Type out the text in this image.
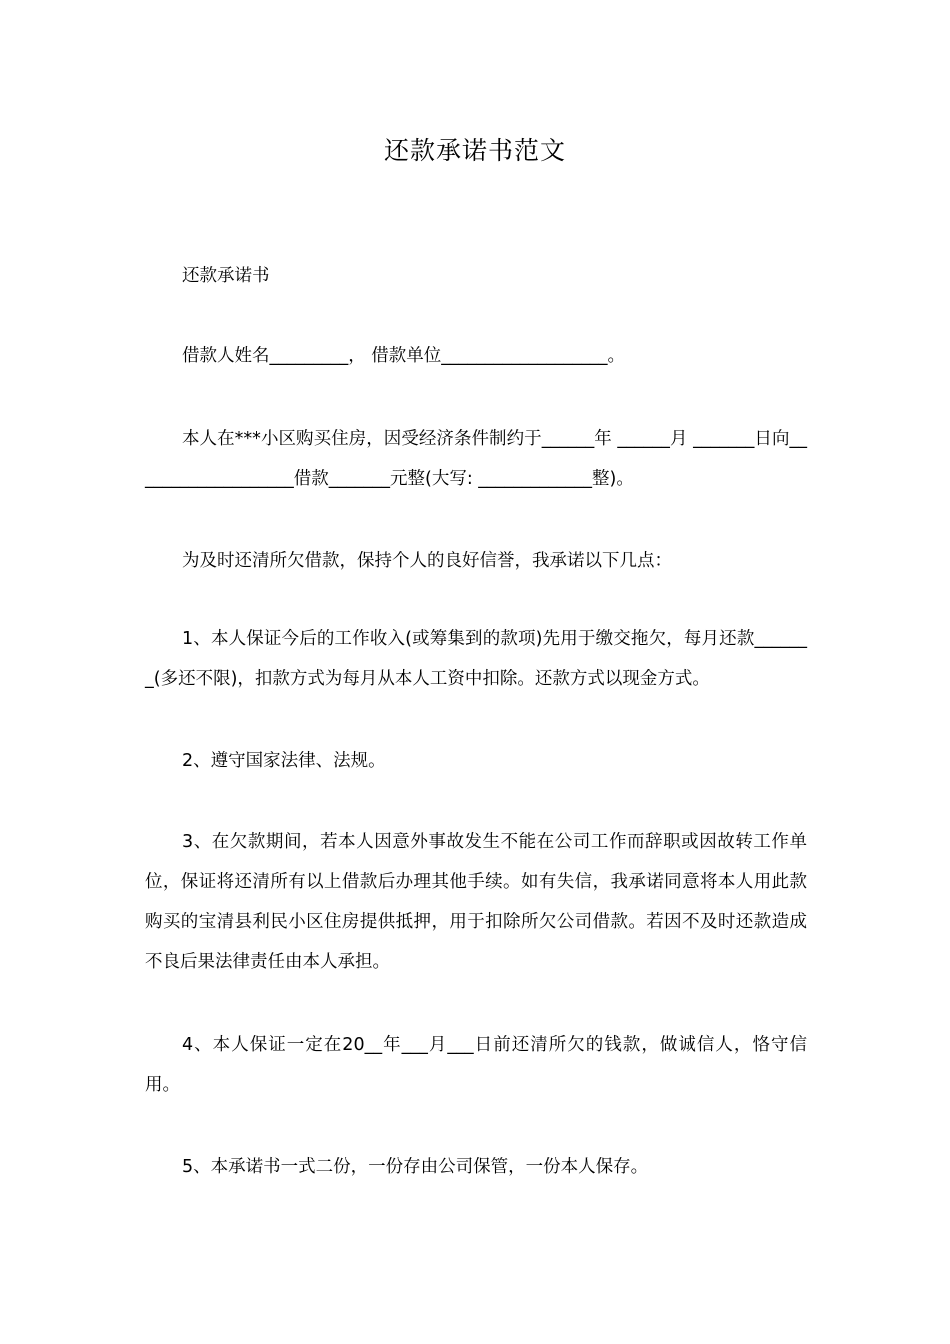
还款承诺书范文
还款承诺书
借款人姓名_________， 借款单位___________________。
本人在***小区购买住房，因受经济条件制约于______年 ______月 _______日向___________________借款_______元整(大写: _____________整)。
为及时还清所欠借款，保持个人的良好信誉，我承诺以下几点：
1、本人保证今后的工作收入(或筹集到的款项)先用于缴交拖欠，每月还款_______(多还不限)，扣款方式为每月从本人工资中扣除。还款方式以现金方式。
2、遵守国家法律、法规。
3、在欠款期间，若本人因意外事故发生不能在公司工作而辞职或因故转工作单位，保证将还清所有以上借款后办理其他手续。如有失信，我承诺同意将本人用此款购买的宝清县利民小区住房提供抵押，用于扣除所欠公司借款。若因不及时还款造成不良后果法律责任由本人承担。
4、本人保证一定在20__年___月___日前还清所欠的钱款，做诚信人，恪守信用。
5、本承诺书一式二份，一份存由公司保管，一份本人保存。
